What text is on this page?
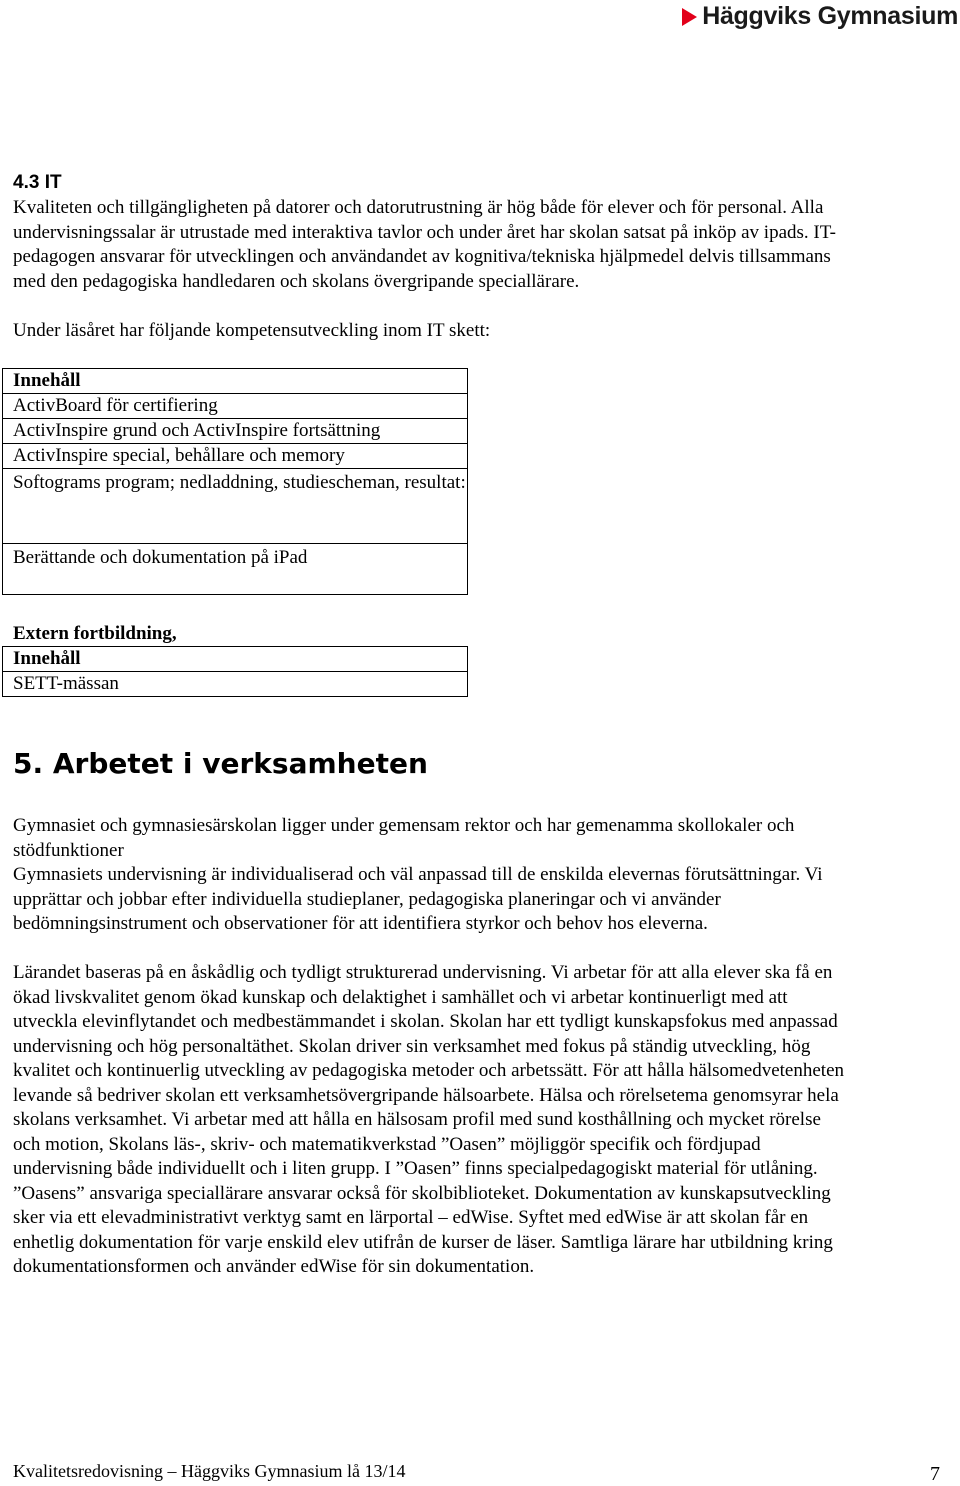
Häggviks Gymnasium
4.3 IT

Kvaliteten och tillgängligheten på datorer och datorutrustning är hög både för elever och för personal. Alla undervisningssalar är utrustade med interaktiva tavlor och under året har skolan satsat på inköp av ipads. IT-pedagogen ansvarar för utvecklingen och användandet av kognitiva/tekniska hjälpmedel delvis tillsammans med den pedagogiska handledaren och skolans övergripande speciallärare.

Under läsåret har följande kompetensutveckling inom IT skett:

Innehåll
ActivBoard för certifiering
ActivInspire grund och ActivInspire fortsättning
ActivInspire special, behållare och memory
Softograms program; nedladdning, studiescheman, resultat:
Berättande och dokumentation på iPad
Extern fortbildning,
Innehåll
SETT-mässan
5. Arbetet i verksamheten

Gymnasiet och gymnasiesärskolan ligger under gemensam rektor och har gemenamma skollokaler och stödfunktioner

Gymnasiets undervisning är individualiserad och väl anpassad till de enskilda elevernas förutsättningar. Vi upprättar och jobbar efter individuella studieplaner, pedagogiska planeringar och vi använder bedömningsinstrument och observationer för att identifiera styrkor och behov hos eleverna.

Lärandet baseras på en åskådlig och tydligt strukturerad undervisning. Vi arbetar för att alla elever ska få en ökad livskvalitet genom ökad kunskap och delaktighet i samhället och vi arbetar kontinuerligt med att utveckla elevinflytandet och medbestämmandet i skolan. Skolan har ett tydligt kunskapsfokus med anpassad undervisning och hög personaltäthet. Skolan driver sin verksamhet med fokus på ständig utveckling, hög kvalitet och kontinuerlig utveckling av pedagogiska metoder och arbetssätt. För att hålla hälsomedvetenheten levande så bedriver skolan ett verksamhetsövergripande hälsoarbete. Hälsa och rörelsetema genomsyrar hela skolans verksamhet. Vi arbetar med att hålla en hälsosam profil med sund kosthållning och mycket rörelse och motion, Skolans läs-, skriv- och matematikverkstad ”Oasen” möjliggör specifik och fördjupad undervisning både individuellt och i liten grupp. I ”Oasen” finns specialpedagogiskt material för utlåning. ”Oasens” ansvariga speciallärare ansvarar också för skolbiblioteket. Dokumentation av kunskapsutveckling sker via ett elevadministrativt verktyg samt en lärportal – edWise. Syftet med edWise är att skolan får en enhetlig dokumentation för varje enskild elev utifrån de kurser de läser. Samtliga lärare har utbildning kring dokumentationsformen och använder edWise för sin dokumentation.

Kvalitetsredovisning – Häggviks Gymnasium lå 13/14	7
